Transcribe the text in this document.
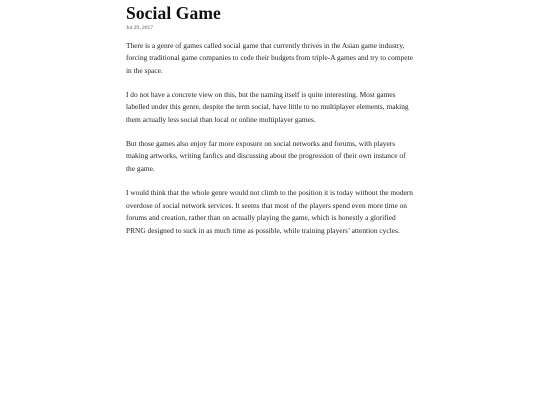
Social Game
Jul 29, 2017

There is a genre of games called social game that currently thrives in the Asian game industry, forcing traditional game companies to cede their budgets from triple-A games and try to compete in the space.

I do not have a concrete view on this, but the naming itself is quite interesting. Most games labelled under this genre, despite the term social, have little to no multiplayer elements, making them actually less social than local or online multiplayer games.

But those games also enjoy far more exposure on social networks and forums, with players making artworks, writing fanfics and discussing about the progression of their own instance of the game.

I would think that the whole genre would not climb to the position it is today without the modern overdose of social network services. It seems that most of the players spend even more time on forums and creation, rather than on actually playing the game, which is honestly a glorified PRNG designed to suck in as much time as possible, while training players’ attention cycles.
